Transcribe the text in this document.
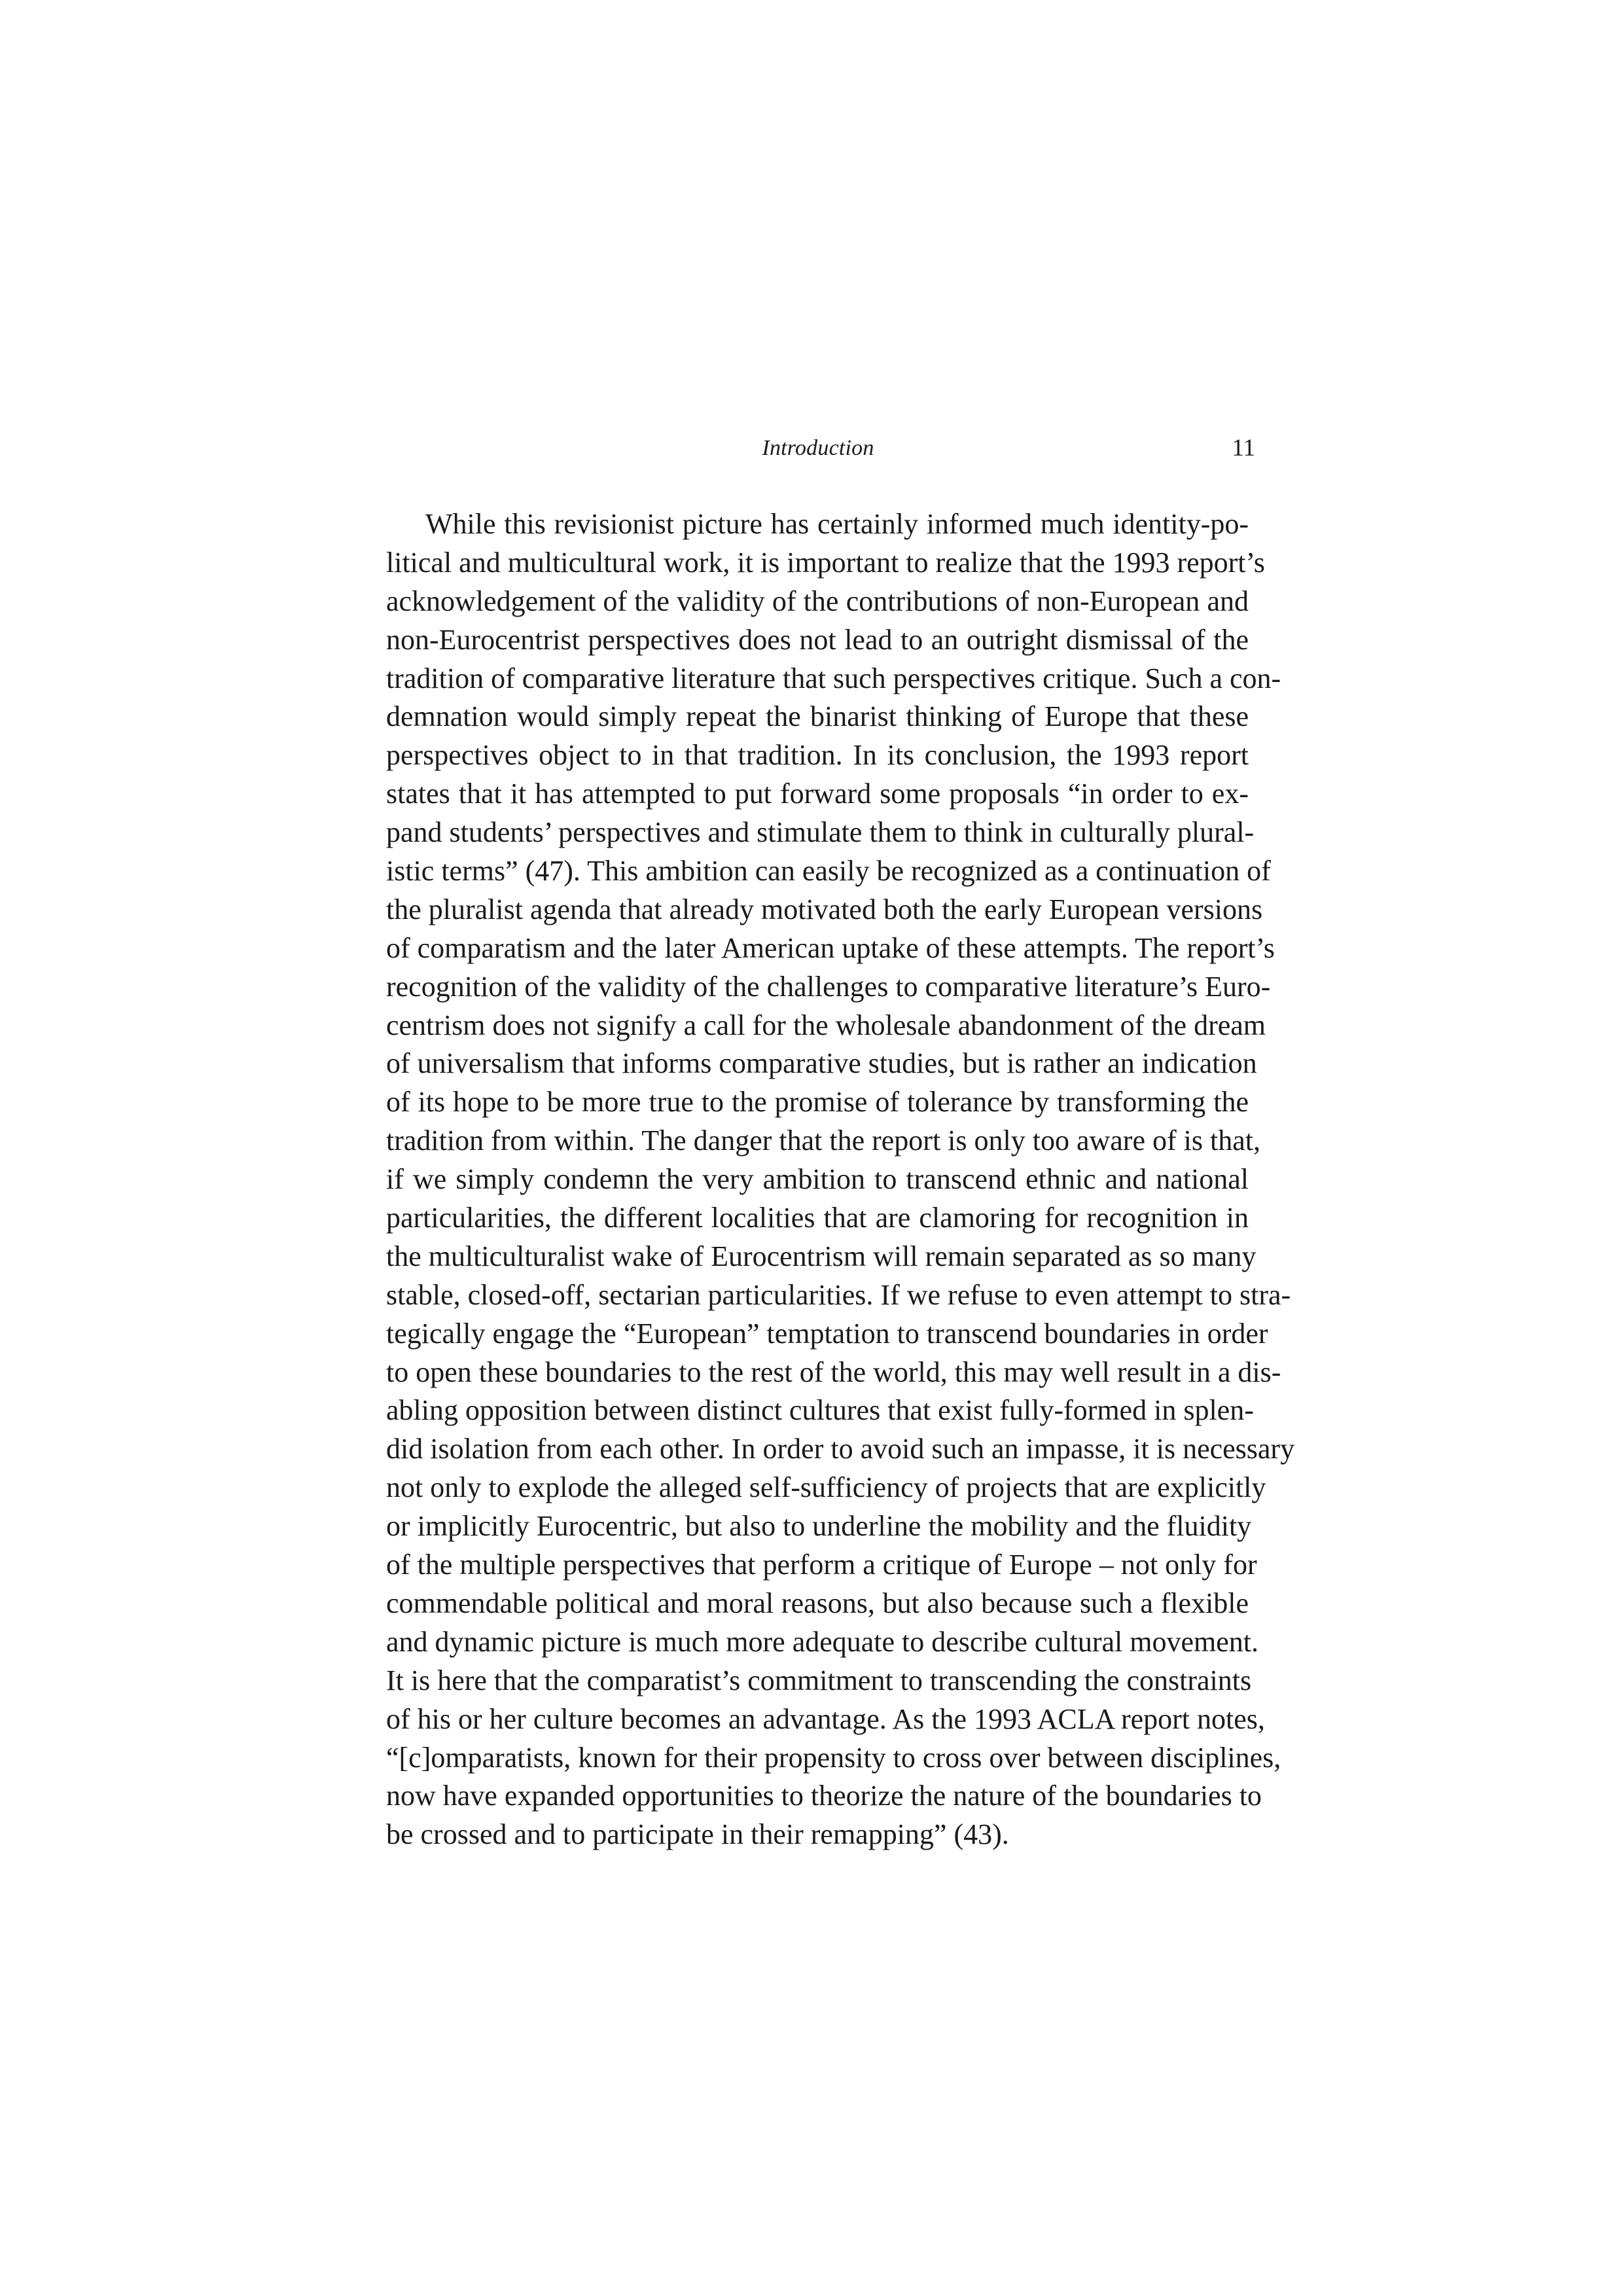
Introduction	11
While this revisionist picture has certainly informed much identity-po-
litical and multicultural work, it is important to realize that the 1993 report’s
acknowledgement of the validity of the contributions of non-European and
non-Eurocentrist perspectives does not lead to an outright dismissal of the
tradition of comparative literature that such perspectives critique. Such a con-
demnation would simply repeat the binarist thinking of Europe that these
perspectives object to in that tradition. In its conclusion, the 1993 report
states that it has attempted to put forward some proposals “in order to ex-
pand students’ perspectives and stimulate them to think in culturally plural-
istic terms” (47). This ambition can easily be recognized as a continuation of
the pluralist agenda that already motivated both the early European versions
of comparatism and the later American uptake of these attempts. The report’s
recognition of the validity of the challenges to comparative literature’s Euro-
centrism does not signify a call for the wholesale abandonment of the dream
of universalism that informs comparative studies, but is rather an indication
of its hope to be more true to the promise of tolerance by transforming the
tradition from within. The danger that the report is only too aware of is that,
if we simply condemn the very ambition to transcend ethnic and national
particularities, the different localities that are clamoring for recognition in
the multiculturalist wake of Eurocentrism will remain separated as so many
stable, closed-off, sectarian particularities. If we refuse to even attempt to stra-
tegically engage the “European” temptation to transcend boundaries in order
to open these boundaries to the rest of the world, this may well result in a dis-
abling opposition between distinct cultures that exist fully-formed in splen-
did isolation from each other. In order to avoid such an impasse, it is necessary
not only to explode the alleged self-sufficiency of projects that are explicitly
or implicitly Eurocentric, but also to underline the mobility and the fluidity
of the multiple perspectives that perform a critique of Europe – not only for
commendable political and moral reasons, but also because such a flexible
and dynamic picture is much more adequate to describe cultural movement.
It is here that the comparatist’s commitment to transcending the constraints
of his or her culture becomes an advantage. As the 1993 ACLA report notes,
“[c]omparatists, known for their propensity to cross over between disciplines,
now have expanded opportunities to theorize the nature of the boundaries to
be crossed and to participate in their remapping” (43).
